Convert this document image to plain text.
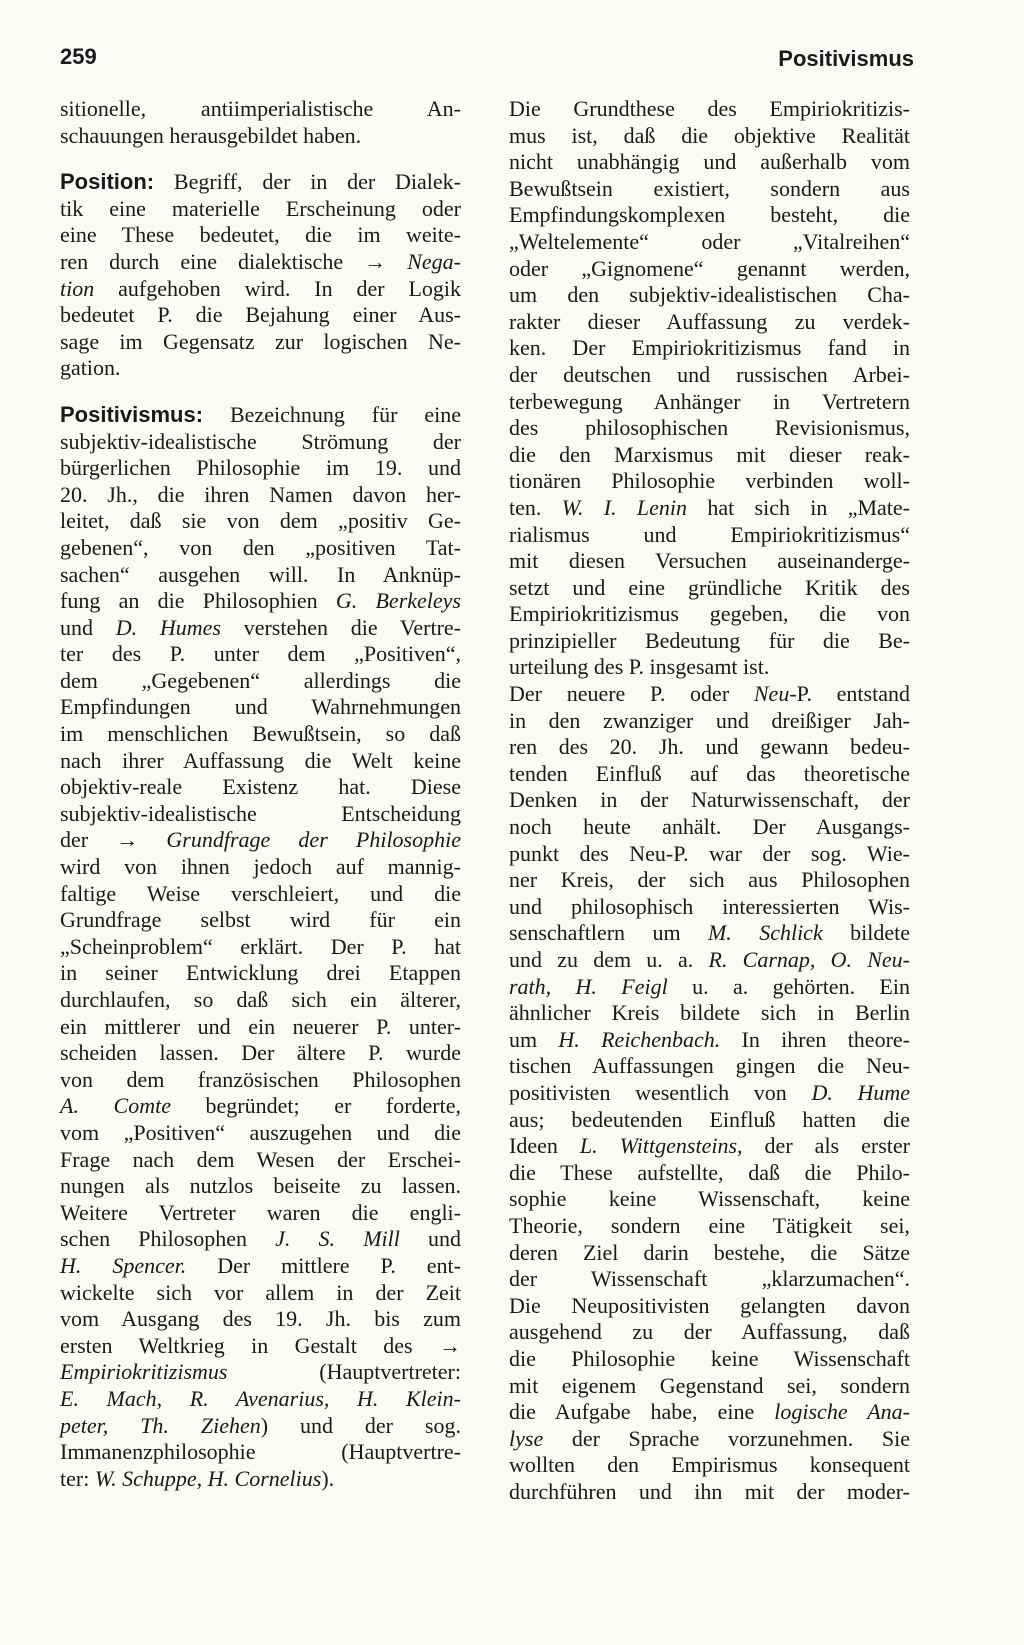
259	Positivismus
sitionelle, antiimperialistische An-
schauungen herausgebildet haben.
Position: Begriff, der in der Dialek-
tik eine materielle Erscheinung oder
eine These bedeutet, die im weite-
ren durch eine dialektische → Nega-
tion aufgehoben wird. In der Logik
bedeutet P. die Bejahung einer Aus-
sage im Gegensatz zur logischen Ne-
gation.
Positivismus: Bezeichnung für eine
subjektiv-idealistische Strömung der
bürgerlichen Philosophie im 19. und
20. Jh., die ihren Namen davon her-
leitet, daß sie von dem „positiv Ge-
gebenen“, von den „positiven Tat-
sachen“ ausgehen will. In Anknüp-
fung an die Philosophien G. Berkeleys
und D. Humes verstehen die Vertre-
ter des P. unter dem „Positiven“,
dem „Gegebenen“ allerdings die
Empfindungen und Wahrnehmungen
im menschlichen Bewußtsein, so daß
nach ihrer Auffassung die Welt keine
objektiv-reale Existenz hat. Diese
subjektiv-idealistische Entscheidung
der → Grundfrage der Philosophie
wird von ihnen jedoch auf mannig-
faltige Weise verschleiert, und die
Grundfrage selbst wird für ein
„Scheinproblem“ erklärt. Der P. hat
in seiner Entwicklung drei Etappen
durchlaufen, so daß sich ein älterer,
ein mittlerer und ein neuerer P. unter-
scheiden lassen. Der ältere P. wurde
von dem französischen Philosophen
A. Comte begründet; er forderte,
vom „Positiven“ auszugehen und die
Frage nach dem Wesen der Erschei-
nungen als nutzlos beiseite zu lassen.
Weitere Vertreter waren die engli-
schen Philosophen J. S. Mill und
H. Spencer. Der mittlere P. ent-
wickelte sich vor allem in der Zeit
vom Ausgang des 19. Jh. bis zum
ersten Weltkrieg in Gestalt des →
Empiriokritizismus (Hauptvertreter:
E. Mach, R. Avenarius, H. Klein-
peter, Th. Ziehen) und der sog.
Immanenzphilosophie (Hauptvertre-
ter: W. Schuppe, H. Cornelius).
Die Grundthese des Empiriokritizis-
mus ist, daß die objektive Realität
nicht unabhängig und außerhalb vom
Bewußtsein existiert, sondern aus
Empfindungskomplexen besteht, die
„Weltelemente“ oder „Vitalreihen“
oder „Gignomene“ genannt werden,
um den subjektiv-idealistischen Cha-
rakter dieser Auffassung zu verdek-
ken. Der Empiriokritizismus fand in
der deutschen und russischen Arbei-
terbewegung Anhänger in Vertretern
des philosophischen Revisionismus,
die den Marxismus mit dieser reak-
tionären Philosophie verbinden woll-
ten. W. I. Lenin hat sich in „Mate-
rialismus und Empiriokritizismus“
mit diesen Versuchen auseinanderge-
setzt und eine gründliche Kritik des
Empiriokritizismus gegeben, die von
prinzipieller Bedeutung für die Be-
urteilung des P. insgesamt ist.
Der neuere P. oder Neu-P. entstand
in den zwanziger und dreißiger Jah-
ren des 20. Jh. und gewann bedeu-
tenden Einfluß auf das theoretische
Denken in der Naturwissenschaft, der
noch heute anhält. Der Ausgangs-
punkt des Neu-P. war der sog. Wie-
ner Kreis, der sich aus Philosophen
und philosophisch interessierten Wis-
senschaftlern um M. Schlick bildete
und zu dem u. a. R. Carnap, O. Neu-
rath, H. Feigl u. a. gehörten. Ein
ähnlicher Kreis bildete sich in Berlin
um H. Reichenbach. In ihren theore-
tischen Auffassungen gingen die Neu-
positivisten wesentlich von D. Hume
aus; bedeutenden Einfluß hatten die
Ideen L. Wittgensteins, der als erster
die These aufstellte, daß die Philo-
sophie keine Wissenschaft, keine
Theorie, sondern eine Tätigkeit sei,
deren Ziel darin bestehe, die Sätze
der Wissenschaft „klarzumachen“.
Die Neupositivisten gelangten davon
ausgehend zu der Auffassung, daß
die Philosophie keine Wissenschaft
mit eigenem Gegenstand sei, sondern
die Aufgabe habe, eine logische Ana-
lyse der Sprache vorzunehmen. Sie
wollten den Empirismus konsequent
durchführen und ihn mit der moder-
